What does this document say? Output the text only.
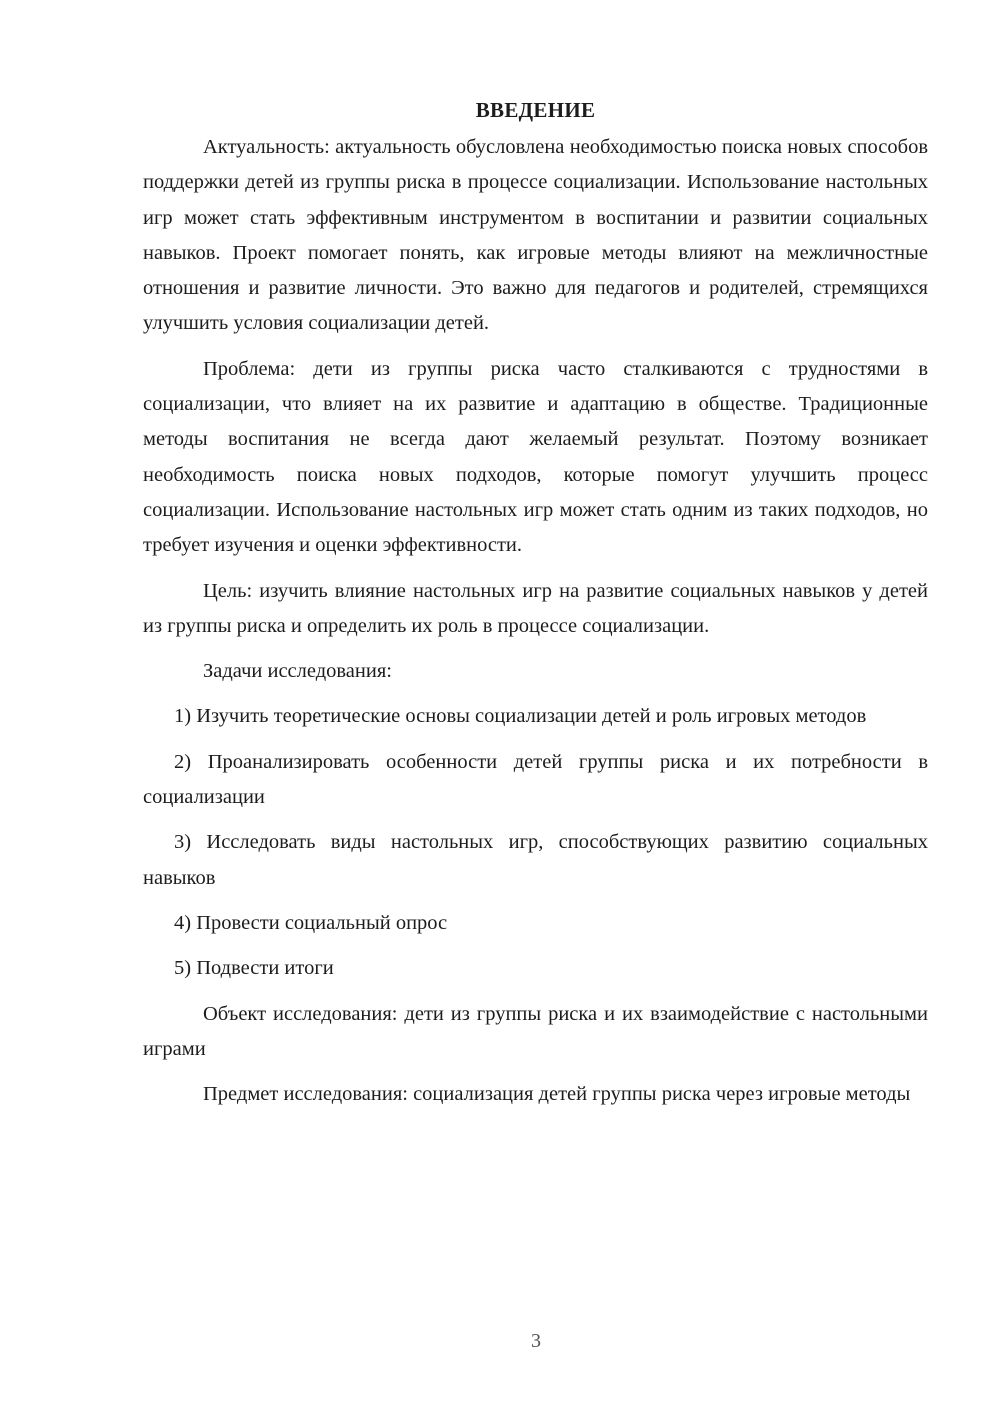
ВВЕДЕНИЕ

Актуальность: актуальность обусловлена необходимостью поиска новых способов поддержки детей из группы риска в процессе социализации. Использование настольных игр может стать эффективным инструментом в воспитании и развитии социальных навыков. Проект помогает понять, как игровые методы влияют на межличностные отношения и развитие личности. Это важно для педагогов и родителей, стремящихся улучшить условия социализации детей.

Проблема: дети из группы риска часто сталкиваются с трудностями в социализации, что влияет на их развитие и адаптацию в обществе. Традиционные методы воспитания не всегда дают желаемый результат. Поэтому возникает необходимость поиска новых подходов, которые помогут улучшить процесс социализации. Использование настольных игр может стать одним из таких подходов, но требует изучения и оценки эффективности.

Цель: изучить влияние настольных игр на развитие социальных навыков у детей из группы риска и определить их роль в процессе социализации.

Задачи исследования:

1) Изучить теоретические основы социализации детей и роль игровых методов

2) Проанализировать особенности детей группы риска и их потребности в социализации

3) Исследовать виды настольных игр, способствующих развитию социальных навыков

4) Провести социальный опрос

5) Подвести итоги

Объект исследования: дети из группы риска и их взаимодействие с настольными играми

Предмет исследования: социализация детей группы риска через игровые методы

3
